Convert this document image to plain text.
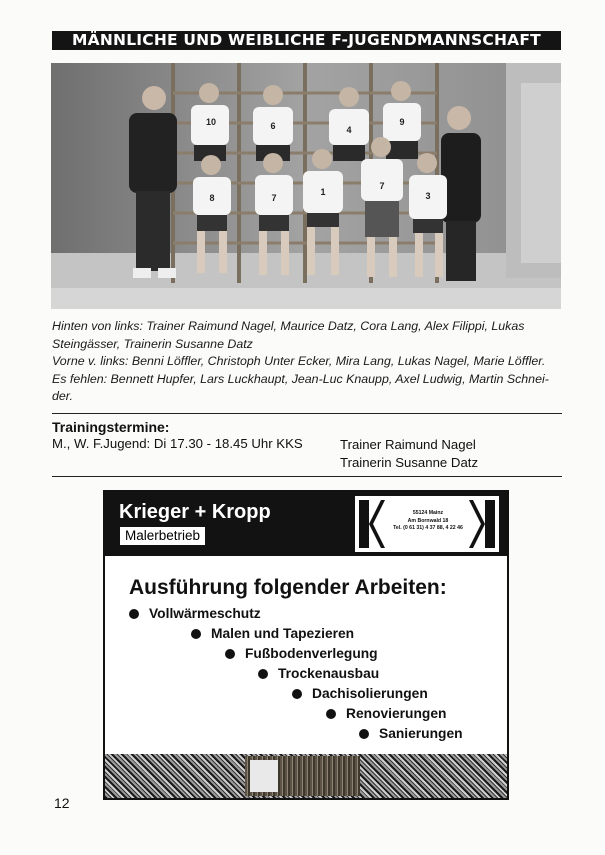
MÄNNLICHE UND WEIBLICHE F-JUGENDMANNSCHAFT
10	6	4
9
8	7
1
7
3

Hinten von links: Trainer Raimund Nagel, Maurice Datz, Cora Lang, Alex Filippi, Lukas Steingässer, Trainerin Susanne Datz

Vorne v. links: Benni Löffler, Christoph Unter Ecker, Mira Lang, Lukas Nagel, Marie Löffler.

Es fehlen: Bennett Hupfer, Lars Luckhaupt, Jean-Luc Knaupp, Axel Ludwig, Martin Schnei-der.

Trainingstermine:
M., W. F.Jugend: Di 17.30 - 18.45 Uhr KKS	Trainer Raimund Nagel
Trainerin Susanne Datz
Krieger + Kropp
Malerbetrieb
55124 Mainz
Am Bornwald 18
Tel. (0 61 31) 4 37 88, 4 22 46
Ausführung folgender Arbeiten:
Vollwärmeschutz
Malen und Tapezieren
Fußbodenverlegung
Trockenausbau
Dachisolierungen
Renovierungen
Sanierungen
12
